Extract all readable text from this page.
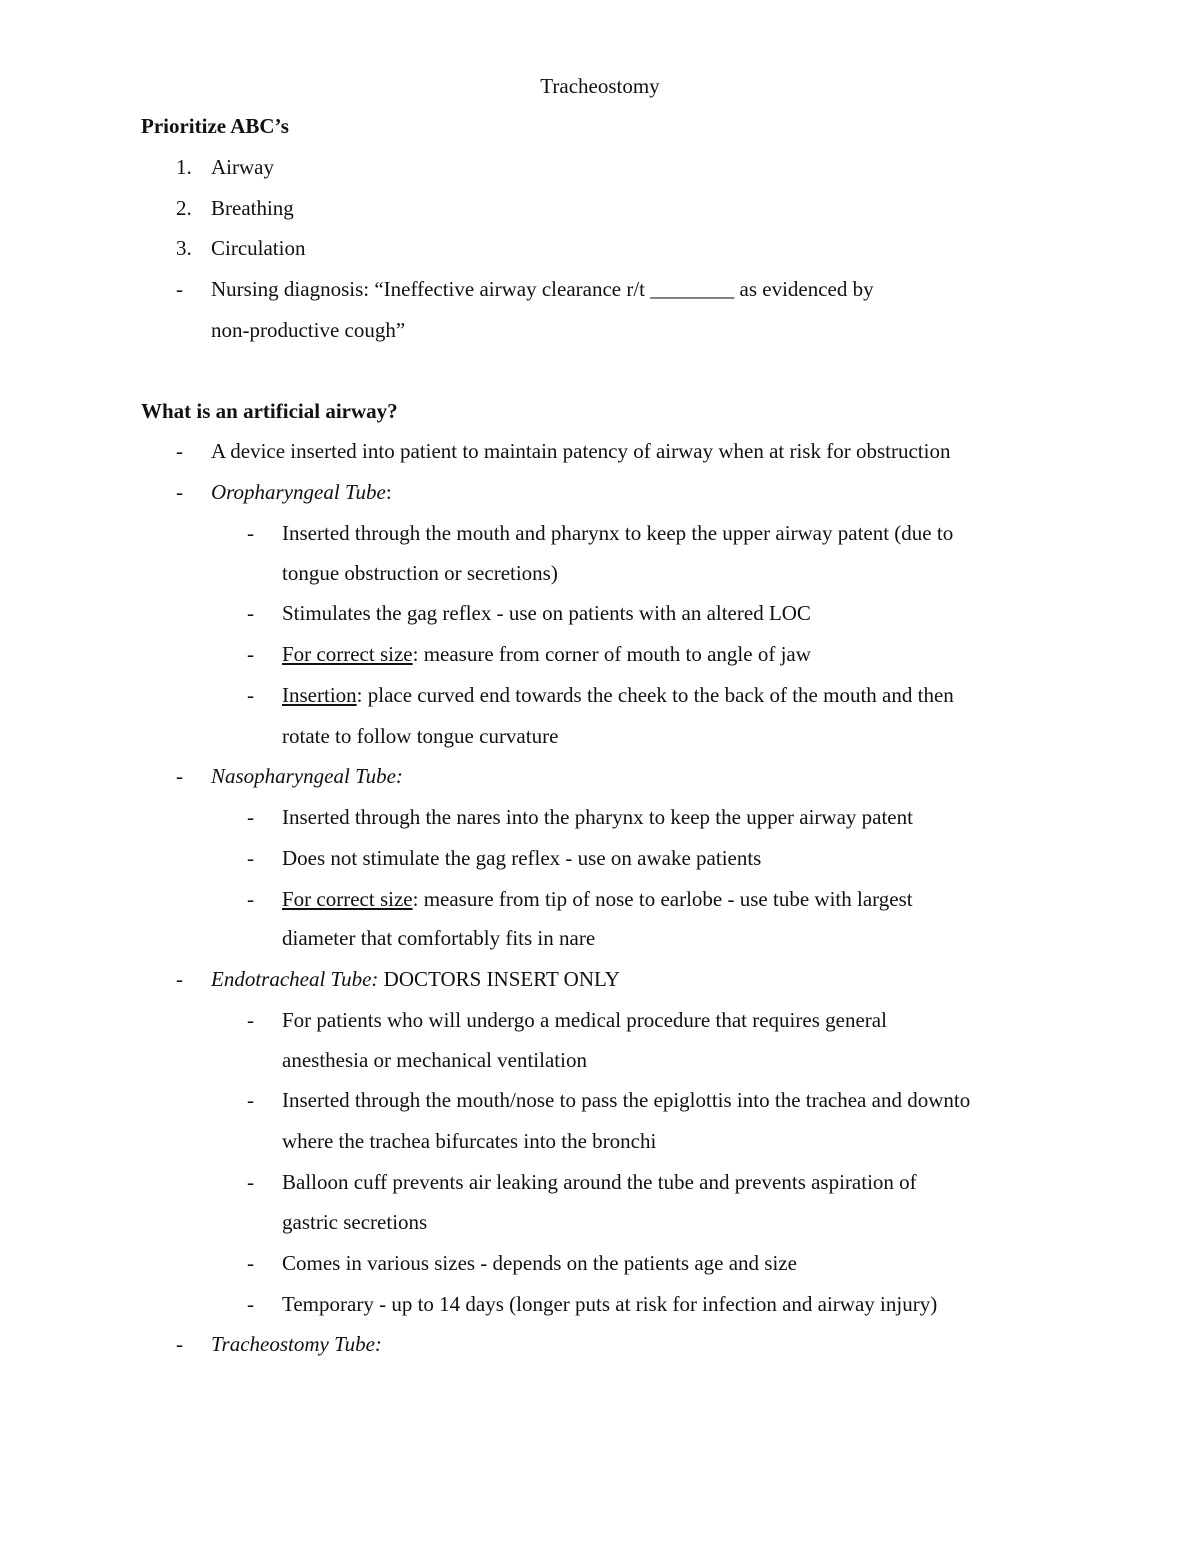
Tracheostomy
Prioritize ABC’s
1. Airway
2. Breathing
3. Circulation
- Nursing diagnosis: “Ineffective airway clearance r/t ________ as evidenced by
non-productive cough”
What is an artificial airway?
- A device inserted into patient to maintain patency of airway when at risk for obstruction
- Oropharyngeal Tube:
- Inserted through the mouth and pharynx to keep the upper airway patent (due to
tongue obstruction or secretions)
- Stimulates the gag reflex - use on patients with an altered LOC
- For correct size: measure from corner of mouth to angle of jaw
- Insertion: place curved end towards the cheek to the back of the mouth and then
rotate to follow tongue curvature
- Nasopharyngeal Tube:
- Inserted through the nares into the pharynx to keep the upper airway patent
- Does not stimulate the gag reflex - use on awake patients
- For correct size: measure from tip of nose to earlobe - use tube with largest
diameter that comfortably fits in nare
- Endotracheal Tube: DOCTORS INSERT ONLY
- For patients who will undergo a medical procedure that requires general
anesthesia or mechanical ventilation
- Inserted through the mouth/nose to pass the epiglottis into the trachea and downto
where the trachea bifurcates into the bronchi
- Balloon cuff prevents air leaking around the tube and prevents aspiration of
gastric secretions
- Comes in various sizes - depends on the patients age and size
- Temporary - up to 14 days (longer puts at risk for infection and airway injury)
- Tracheostomy Tube:
